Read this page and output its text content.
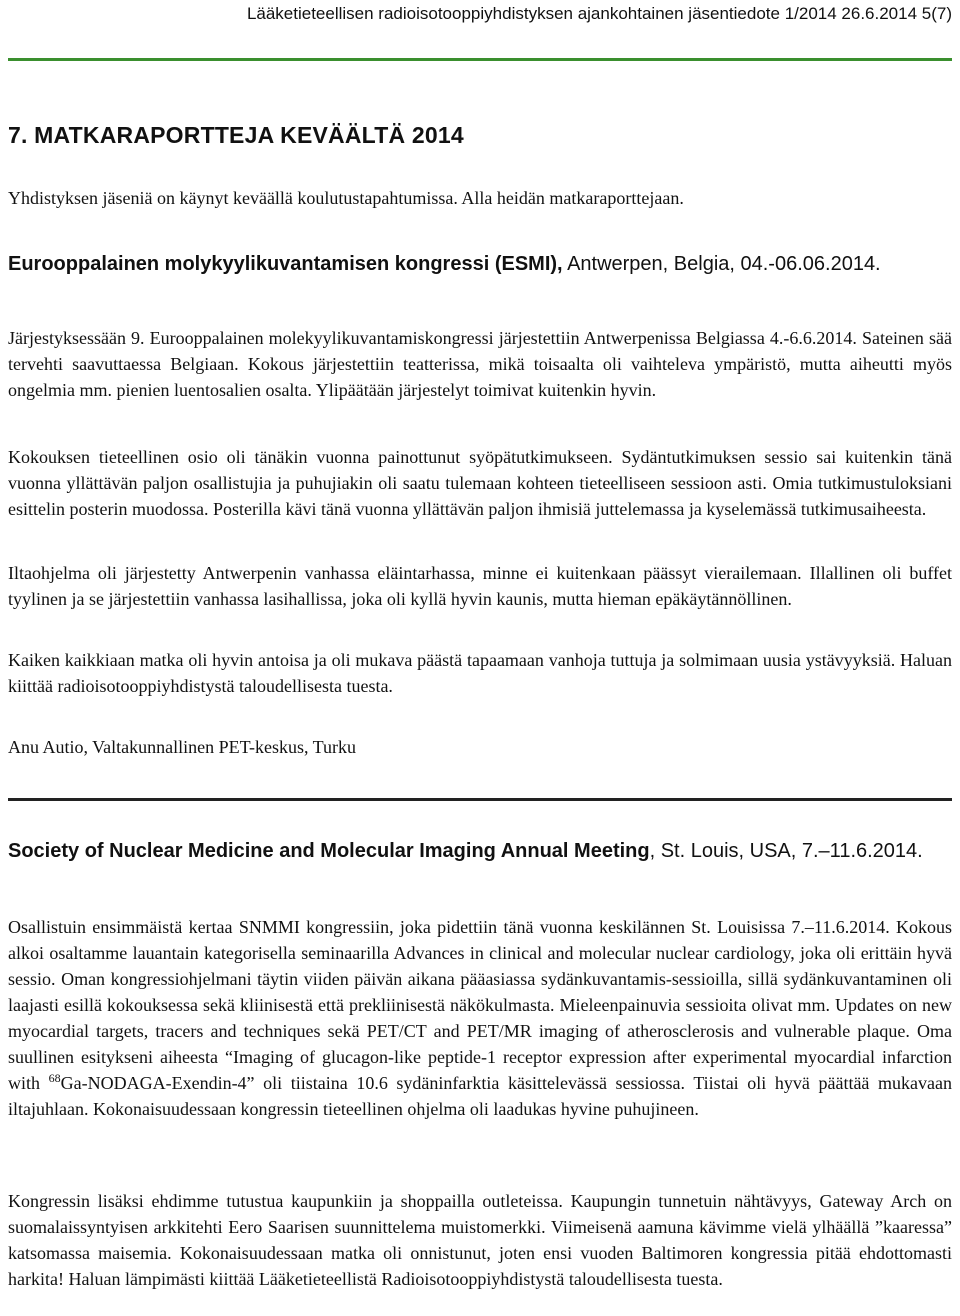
Lääketieteellisen radioisotooppiyhdistyksen ajankohtainen jäsentiedote 1/2014 26.6.2014 5(7)
7. MATKARAPORTTEJA KEVÄÄLTÄ 2014

Yhdistyksen jäseniä on käynyt keväällä koulutustapahtumissa. Alla heidän matkaraporttejaan.

Eurooppalainen molykyylikuvantamisen kongressi (ESMI), Antwerpen, Belgia, 04.-06.06.2014.

Järjestyksessään 9. Eurooppalainen molekyylikuvantamiskongressi järjestettiin Antwerpenissa Belgiassa 4.-6.6.2014. Sateinen sää tervehti saavuttaessa Belgiaan. Kokous järjestettiin teatterissa, mikä toisaalta oli vaihteleva ympäristö, mutta aiheutti myös ongelmia mm. pienien luentosalien osalta. Ylipäätään järjestelyt toimivat kuitenkin hyvin.

Kokouksen tieteellinen osio oli tänäkin vuonna painottunut syöpätutkimukseen. Sydäntutkimuksen sessio sai kuitenkin tänä vuonna yllättävän paljon osallistujia ja puhujiakin oli saatu tulemaan kohteen tieteelliseen sessioon asti. Omia tutkimustuloksiani esittelin posterin muodossa. Posterilla kävi tänä vuonna yllättävän paljon ihmisiä juttelemassa ja kyselemässä tutkimusaiheesta.

Iltaohjelma oli järjestetty Antwerpenin vanhassa eläintarhassa, minne ei kuitenkaan päässyt vierailemaan. Illallinen oli buffet tyylinen ja se järjestettiin vanhassa lasihallissa, joka oli kyllä hyvin kaunis, mutta hieman epäkäytännöllinen.

Kaiken kaikkiaan matka oli hyvin antoisa ja oli mukava päästä tapaamaan vanhoja tuttuja ja solmimaan uusia ystävyyksiä. Haluan kiittää radioisotooppiyhdistystä taloudellisesta tuesta.

Anu Autio, Valtakunnallinen PET-keskus, Turku

Society of Nuclear Medicine and Molecular Imaging Annual Meeting, St. Louis, USA, 7.–11.6.2014.

Osallistuin ensimmäistä kertaa SNMMI kongressiin, joka pidettiin tänä vuonna keskilännen St. Louisissa 7.–11.6.2014. Kokous alkoi osaltamme lauantain kategorisella seminaarilla Advances in clinical and molecular nuclear cardiology, joka oli erittäin hyvä sessio. Oman kongressiohjelmani täytin viiden päivän aikana pääasiassa sydänkuvantamis-sessioilla, sillä sydänkuvantaminen oli laajasti esillä kokouksessa sekä kliinisestä että prekliinisestä näkökulmasta. Mieleenpainuvia sessioita olivat mm. Updates on new myocardial targets, tracers and techniques sekä PET/CT and PET/MR imaging of atherosclerosis and vulnerable plaque. Oma suullinen esitykseni aiheesta “Imaging of glucagon-like peptide-1 receptor expression after experimental myocardial infarction with $^{68}$Ga-NODAGA-Exendin-4” oli tiistaina 10.6 sydäninfarktia käsittelevässä sessiossa. Tiistai oli hyvä päättää mukavaan iltajuhlaan. Kokonaisuudessaan kongressin tieteellinen ohjelma oli laadukas hyvine puhujineen.

Kongressin lisäksi ehdimme tutustua kaupunkiin ja shoppailla outleteissa. Kaupungin tunnetuin nähtävyys, Gateway Arch on suomalaissyntyisen arkkitehti Eero Saarisen suunnittelema muistomerkki. Viimeisenä aamuna kävimme vielä ylhäällä ”kaaressa” katsomassa maisemia. Kokonaisuudessaan matka oli onnistunut, joten ensi vuoden Baltimoren kongressia pitää ehdottomasti harkita! Haluan lämpimästi kiittää Lääketieteellistä Radioisotooppiyhdistystä taloudellisesta tuesta.
